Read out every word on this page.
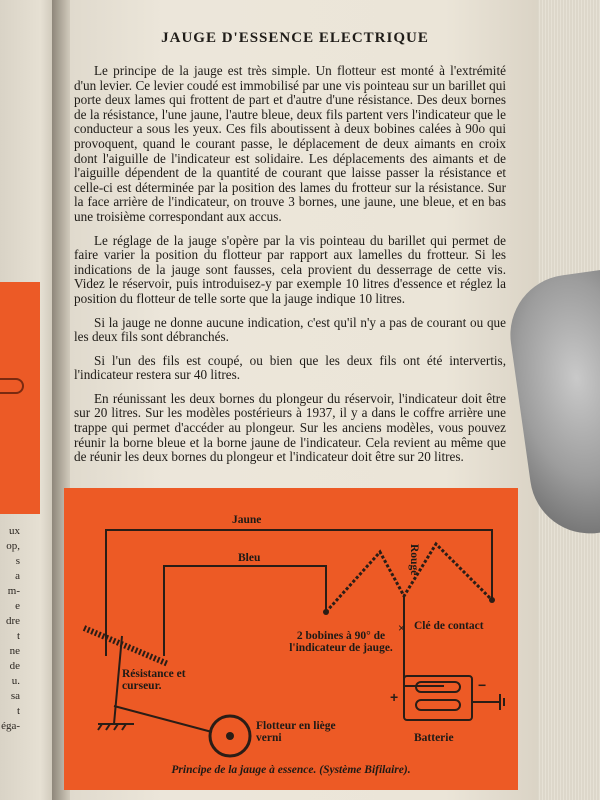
ux
op,
s
a
m-
e
dre
t
ne
de
u.
sa
t
éga-
JAUGE D'ESSENCE ELECTRIQUE

Le principe de la jauge est très simple. Un flotteur est monté à l'extrémité d'un levier. Ce levier coudé est immobilisé par une vis pointeau sur un barillet qui porte deux lames qui frottent de part et d'autre d'une résistance. Des deux bornes de la résistance, l'une jaune, l'autre bleue, deux fils partent vers l'indicateur que le conducteur a sous les yeux. Ces fils aboutissent à deux bobines calées à 90o qui provoquent, quand le courant passe, le déplacement de deux aimants en croix dont l'aiguille de l'indicateur est solidaire. Les déplacements des aimants et de l'aiguille dépendent de la quantité de courant que laisse passer la résistance et celle-ci est déterminée par la position des lames du frotteur sur la résistance. Sur la face arrière de l'indicateur, on trouve 3 bornes, une jaune, une bleue, et en bas une troisième correspondant aux accus.

Le réglage de la jauge s'opère par la vis pointeau du barillet qui permet de faire varier la position du flotteur par rapport aux lamelles du frotteur. Si les indications de la jauge sont fausses, cela provient du desserrage de cette vis. Videz le réservoir, puis introduisez-y par exemple 10 litres d'essence et réglez la position du flotteur de telle sorte que la jauge indique 10 litres.

Si la jauge ne donne aucune indication, c'est qu'il n'y a pas de courant ou que les deux fils sont débranchés.

Si l'un des fils est coupé, ou bien que les deux fils ont été intervertis, l'indicateur restera sur 40 litres.

En réunissant les deux bornes du plongeur du réservoir, l'indicateur doit être sur 20 litres. Sur les modèles postérieurs à 1937, il y a dans le coffre arrière une trappe qui permet d'accéder au plongeur. Sur les anciens modèles, vous pouvez réunir la borne bleue et la borne jaune de l'indicateur. Cela revient au même que de réunir les deux bornes du plongeur et l'indicateur doit être sur 20 litres.

×
+
−
Jaune
Bleu	Rouge
2 bobines à 90° de l'indicateur de jauge.
Clé de contact
Résistance et curseur.
Flotteur en liège verni	Batterie
Principe de la jauge à essence. (Système Bifilaire).
